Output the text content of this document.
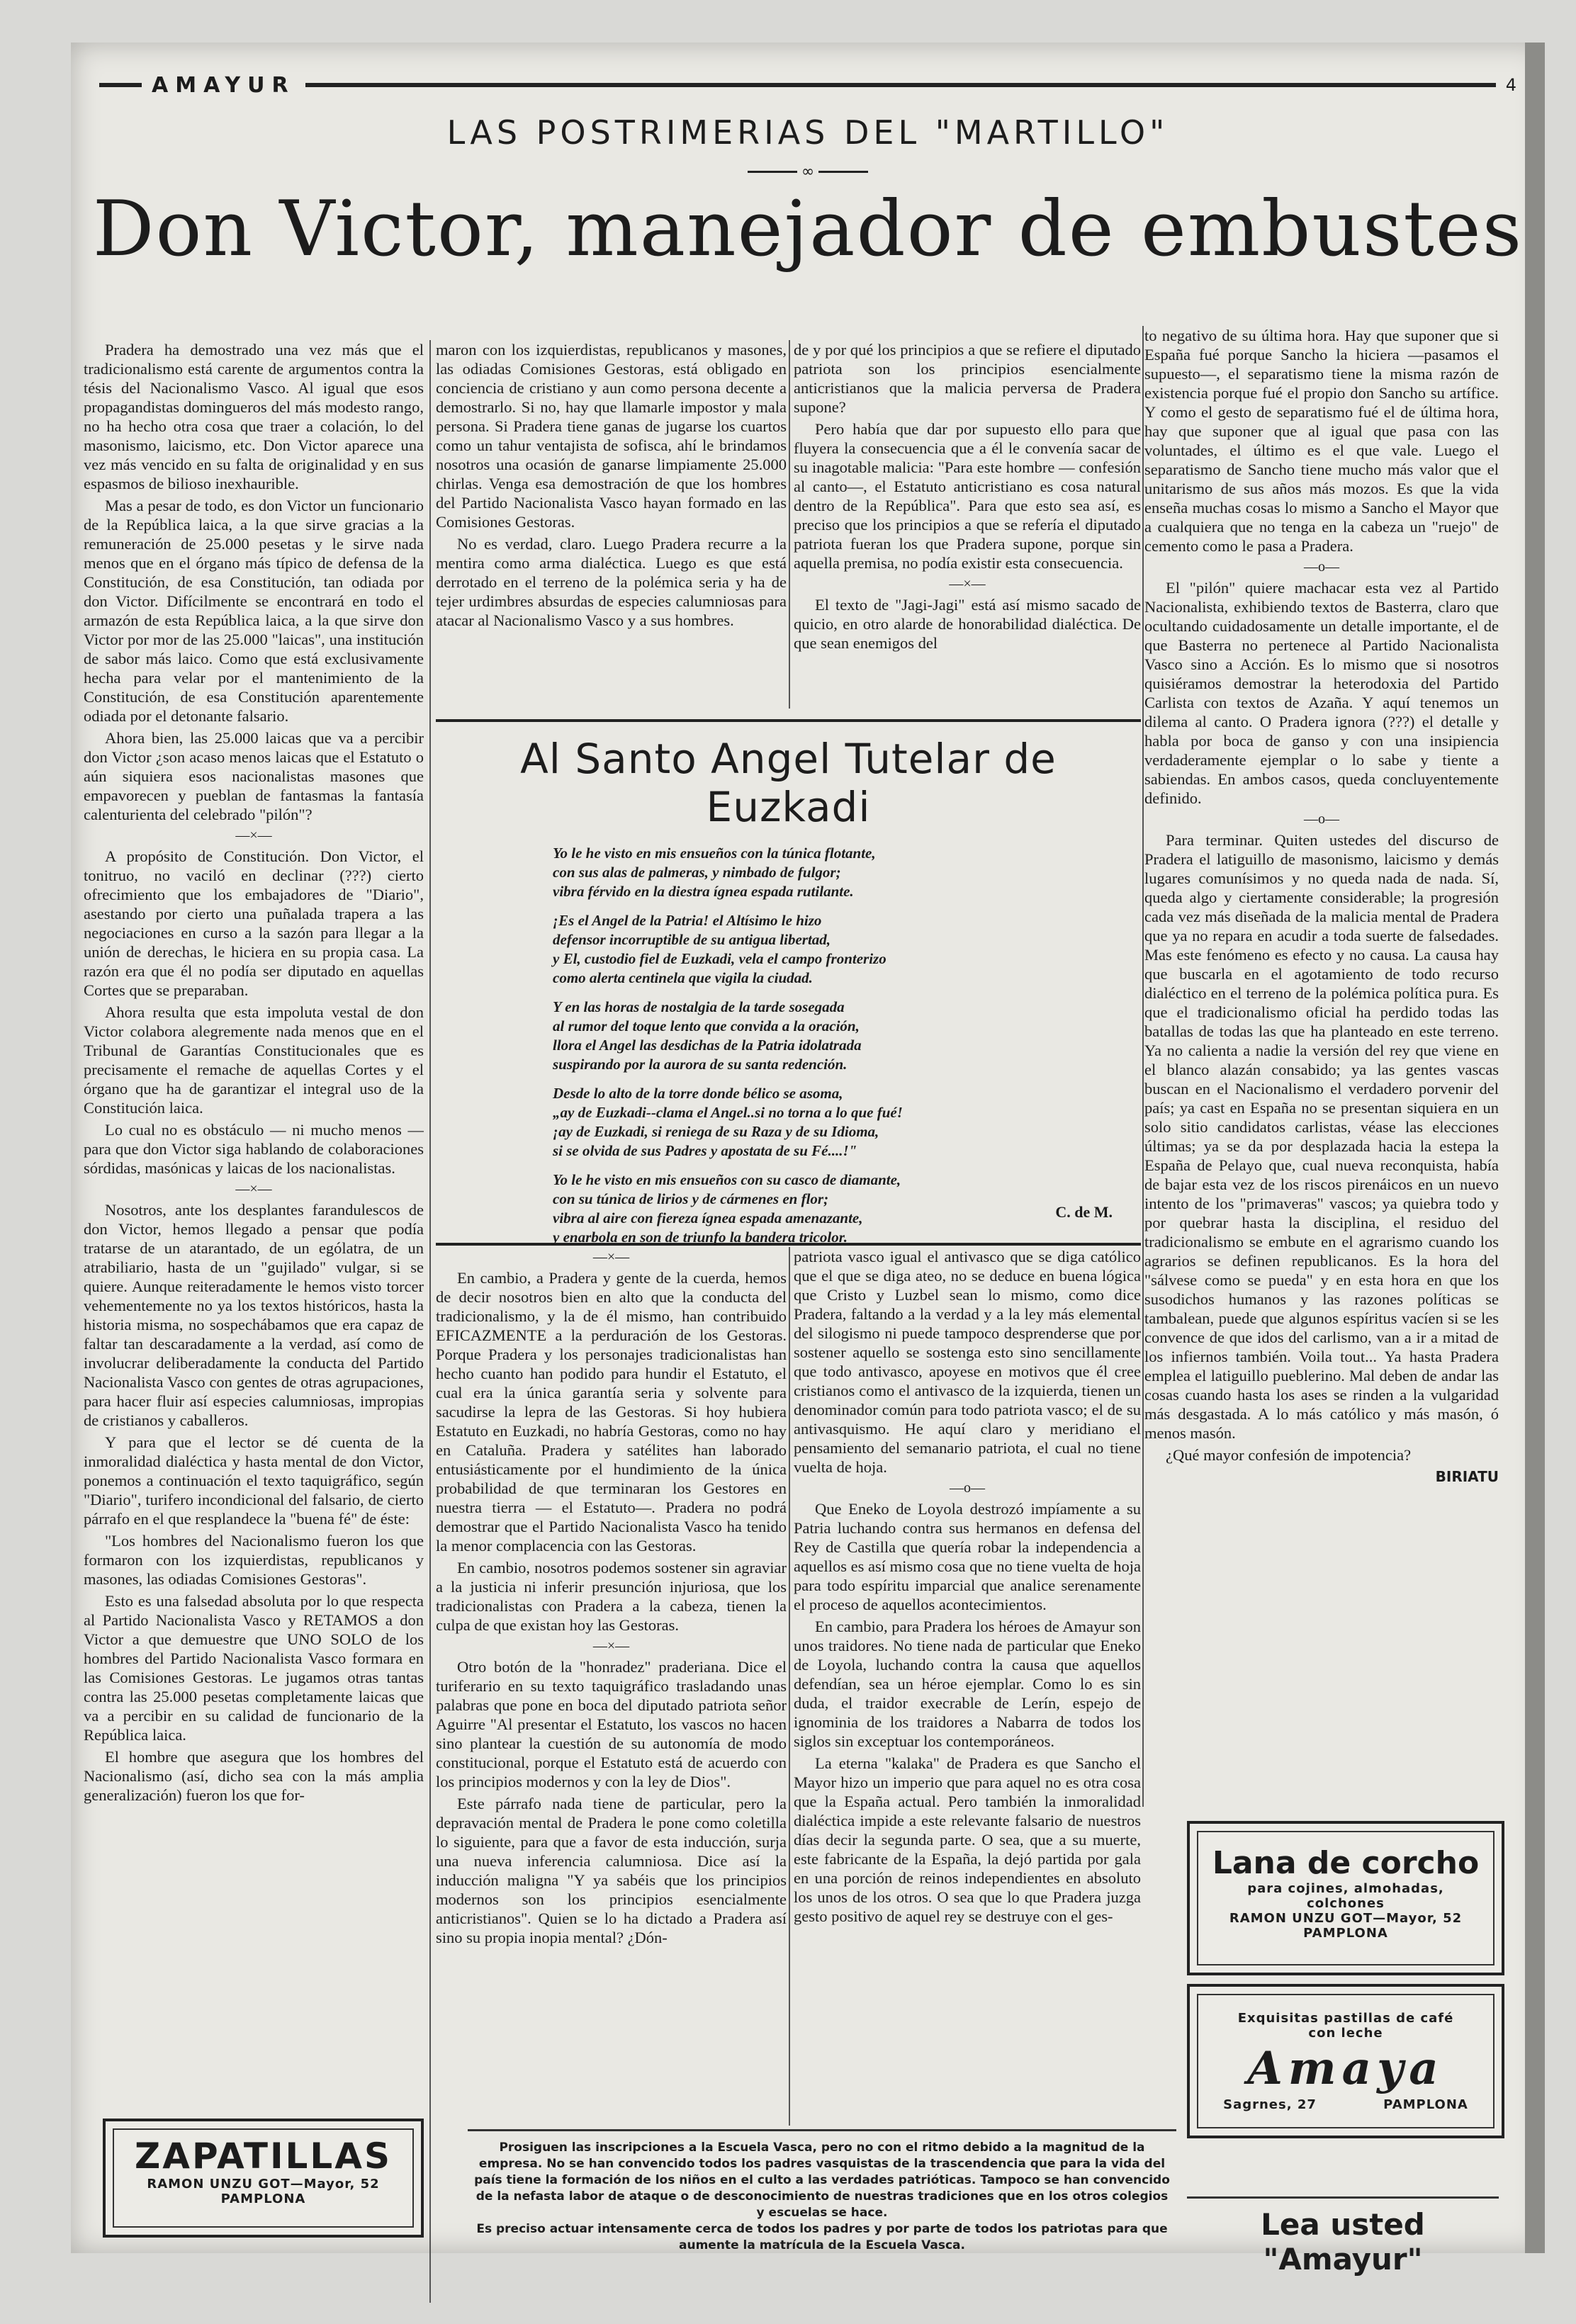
AMAYUR	4
LAS POSTRIMERIAS DEL "MARTILLO"
∞
Don Victor, manejador de embustes

Pradera ha demostrado una vez más que el tradicionalismo está carente de argumentos contra la tésis del Nacionalismo Vasco. Al igual que esos propagandistas domingueros del más modesto rango, no ha hecho otra cosa que traer a colación, lo del masonismo, laicismo, etc. Don Victor aparece una vez más vencido en su falta de originalidad y en sus espasmos de bilioso inexhaurible.

Mas a pesar de todo, es don Victor un funcionario de la República laica, a la que sirve gracias a la remuneración de 25.000 pesetas y le sirve nada menos que en el órgano más típico de defensa de la Constitución, de esa Constitución, tan odiada por don Victor. Difícilmente se encontrará en todo el armazón de esta República laica, a la que sirve don Victor por mor de las 25.000 "laicas", una institución de sabor más laico. Como que está exclusivamente hecha para velar por el mantenimiento de la Constitución, de esa Constitución aparentemente odiada por el detonante falsario.

Ahora bien, las 25.000 laicas que va a percibir don Victor ¿son acaso menos laicas que el Estatuto o aún siquiera esos nacionalistas masones que empavorecen y pueblan de fantasmas la fantasía calenturienta del celebrado "pilón"?

—×—

A propósito de Constitución. Don Victor, el tonitruo, no vaciló en declinar (???) cierto ofrecimiento que los embajadores de "Diario", asestando por cierto una puñalada trapera a las negociaciones en curso a la sazón para llegar a la unión de derechas, le hiciera en su propia casa. La razón era que él no podía ser diputado en aquellas Cortes que se preparaban.

Ahora resulta que esta impoluta vestal de don Victor colabora alegremente nada menos que en el Tribunal de Garantías Constitucionales que es precisamente el remache de aquellas Cortes y el órgano que ha de garantizar el integral uso de la Constitución laica.

Lo cual no es obstáculo — ni mucho menos — para que don Victor siga hablando de colaboraciones sórdidas, masónicas y laicas de los nacionalistas.

—×—

Nosotros, ante los desplantes farandulescos de don Victor, hemos llegado a pensar que podía tratarse de un atarantado, de un ególatra, de un atrabiliario, hasta de un "gujilado" vulgar, si se quiere. Aunque reiteradamente le hemos visto torcer vehementemente no ya los textos históricos, hasta la historia misma, no sospechábamos que era capaz de faltar tan descaradamente a la verdad, así como de involucrar deliberadamente la conducta del Partido Nacionalista Vasco con gentes de otras agrupaciones, para hacer fluir así especies calumniosas, impropias de cristianos y caballeros.

Y para que el lector se dé cuenta de la inmoralidad dialéctica y hasta mental de don Victor, ponemos a continuación el texto taquigráfico, según "Diario", turifero incondicional del falsario, de cierto párrafo en el que resplandece la "buena fé" de éste:

"Los hombres del Nacionalismo fueron los que formaron con los izquierdistas, republicanos y masones, las odiadas Comisiones Gestoras".

Esto es una falsedad absoluta por lo que respecta al Partido Nacionalista Vasco y RETAMOS a don Victor a que demuestre que UNO SOLO de los hombres del Partido Nacionalista Vasco formara en las Comisiones Gestoras. Le jugamos otras tantas contra las 25.000 pesetas completamente laicas que va a percibir en su calidad de funcionario de la República laica.

El hombre que asegura que los hombres del Nacionalismo (así, dicho sea con la más amplia generalización) fueron los que for-

maron con los izquierdistas, republicanos y masones, las odiadas Comisiones Gestoras, está obligado en conciencia de cristiano y aun como persona decente a demostrarlo. Si no, hay que llamarle impostor y mala persona. Si Pradera tiene ganas de jugarse los cuartos como un tahur ventajista de sofisca, ahí le brindamos nosotros una ocasión de ganarse limpiamente 25.000 chirlas. Venga esa demostración de que los hombres del Partido Nacionalista Vasco hayan formado en las Comisiones Gestoras.

No es verdad, claro. Luego Pradera recurre a la mentira como arma dialéctica. Luego es que está derrotado en el terreno de la polémica seria y ha de tejer urdimbres absurdas de especies calumniosas para atacar al Nacionalismo Vasco y a sus hombres.

de y por qué los principios a que se refiere el diputado patriota son los principios esencialmente anticristianos que la malicia perversa de Pradera supone?

Pero había que dar por supuesto ello para que fluyera la consecuencia que a él le convenía sacar de su inagotable malicia: "Para este hombre — confesión al canto—, el Estatuto anticristiano es cosa natural dentro de la República". Para que esto sea así, es preciso que los principios a que se refería el diputado patriota fueran los que Pradera supone, porque sin aquella premisa, no podía existir esta consecuencia.

—×—

El texto de "Jagi-Jagi" está así mismo sacado de quicio, en otro alarde de honorabilidad dialéctica. De que sean enemigos del

Al Santo Angel Tutelar de Euzkadi
Yo le he visto en mis ensueños con la túnica flotante,
con sus alas de palmeras, y nimbado de fulgor;
vibra férvido en la diestra ígnea espada rutilante.
¡Es el Angel de la Patria! el Altísimo le hizo
defensor incorruptible de su antigua libertad,
y El, custodio fiel de Euzkadi, vela el campo fronterizo
como alerta centinela que vigila la ciudad.
Y en las horas de nostalgia de la tarde sosegada
al rumor del toque lento que convida a la oración,
llora el Angel las desdichas de la Patria idolatrada
suspirando por la aurora de su santa redención.
Desde lo alto de la torre donde bélico se asoma,
„ay de Euzkadi--clama el Angel..si no torna a lo que fué!
¡ay de Euzkadi, si reniega de su Raza y de su Idioma,
si se olvida de sus Padres y apostata de su Fé....!"
Yo le he visto en mis ensueños con su casco de diamante,
con su túnica de lirios y de cármenes en flor;
vibra al aire con fiereza ígnea espada amenazante,
y enarbola en son de triunfo la bandera tricolor.
C. de M.
—×—

En cambio, a Pradera y gente de la cuerda, hemos de decir nosotros bien en alto que la conducta del tradicionalismo, y la de él mismo, han contribuido EFICAZMENTE a la perduración de los Gestoras. Porque Pradera y los personajes tradicionalistas han hecho cuanto han podido para hundir el Estatuto, el cual era la única garantía seria y solvente para sacudirse la lepra de las Gestoras. Si hoy hubiera Estatuto en Euzkadi, no habría Gestoras, como no hay en Cataluña. Pradera y satélites han laborado entusiásticamente por el hundimiento de la única probabilidad de que terminaran los Gestores en nuestra tierra — el Estatuto—. Pradera no podrá demostrar que el Partido Nacionalista Vasco ha tenido la menor complacencia con las Gestoras.

En cambio, nosotros podemos sostener sin agraviar a la justicia ni inferir presunción injuriosa, que los tradicionalistas con Pradera a la cabeza, tienen la culpa de que existan hoy las Gestoras.

—×—

Otro botón de la "honradez" praderiana. Dice el turiferario en su texto taquigráfico trasladando unas palabras que pone en boca del diputado patriota señor Aguirre "Al presentar el Estatuto, los vascos no hacen sino plantear la cuestión de su autonomía de modo constitucional, porque el Estatuto está de acuerdo con los principios modernos y con la ley de Dios".

Este párrafo nada tiene de particular, pero la depravación mental de Pradera le pone como coletilla lo siguiente, para que a favor de esta inducción, surja una nueva inferencia calumniosa. Dice así la inducción maligna "Y ya sabéis que los principios modernos son los principios esencialmente anticristianos". Quien se lo ha dictado a Pradera así sino su propia inopia mental? ¿Dón-

patriota vasco igual el antivasco que se diga católico que el que se diga ateo, no se deduce en buena lógica que Cristo y Luzbel sean lo mismo, como dice Pradera, faltando a la verdad y a la ley más elemental del silogismo ni puede tampoco desprenderse que por sostener aquello se sostenga esto sino sencillamente que todo antivasco, apoyese en motivos que él cree cristianos como el antivasco de la izquierda, tienen un denominador común para todo patriota vasco; el de su antivasquismo. He aquí claro y meridiano el pensamiento del semanario patriota, el cual no tiene vuelta de hoja.

—o—

Que Eneko de Loyola destrozó impíamente a su Patria luchando contra sus hermanos en defensa del Rey de Castilla que quería robar la independencia a aquellos es así mismo cosa que no tiene vuelta de hoja para todo espíritu imparcial que analice serenamente el proceso de aquellos acontecimientos.

En cambio, para Pradera los héroes de Amayur son unos traidores. No tiene nada de particular que Eneko de Loyola, luchando contra la causa que aquellos defendían, sea un héroe ejemplar. Como lo es sin duda, el traidor execrable de Lerín, espejo de ignominia de los traidores a Nabarra de todos los siglos sin exceptuar los contemporáneos.

La eterna "kalaka" de Pradera es que Sancho el Mayor hizo un imperio que para aquel no es otra cosa que la España actual. Pero también la inmoralidad dialéctica impide a este relevante falsario de nuestros días decir la segunda parte. O sea, que a su muerte, este fabricante de la España, la dejó partida por gala en una porción de reinos independientes en absoluto los unos de los otros. O sea que lo que Pradera juzga gesto positivo de aquel rey se destruye con el ges-

to negativo de su última hora. Hay que suponer que si España fué porque Sancho la hiciera —pasamos el supuesto—, el separatismo tiene la misma razón de existencia porque fué el propio don Sancho su artífice. Y como el gesto de separatismo fué el de última hora, hay que suponer que al igual que pasa con las voluntades, el último es el que vale. Luego el separatismo de Sancho tiene mucho más valor que el unitarismo de sus años más mozos. Es que la vida enseña muchas cosas lo mismo a Sancho el Mayor que a cualquiera que no tenga en la cabeza un "ruejo" de cemento como le pasa a Pradera.

—o—

El "pilón" quiere machacar esta vez al Partido Nacionalista, exhibiendo textos de Basterra, claro que ocultando cuidadosamente un detalle importante, el de que Basterra no pertenece al Partido Nacionalista Vasco sino a Acción. Es lo mismo que si nosotros quisiéramos demostrar la heterodoxia del Partido Carlista con textos de Azaña. Y aquí tenemos un dilema al canto. O Pradera ignora (???) el detalle y habla por boca de ganso y con una insipiencia verdaderamente ejemplar o lo sabe y tiente a sabiendas. En ambos casos, queda concluyentemente definido.

—o—

Para terminar. Quiten ustedes del discurso de Pradera el latiguillo de masonismo, laicismo y demás lugares comunísimos y no queda nada de nada. Sí, queda algo y ciertamente considerable; la progresión cada vez más diseñada de la malicia mental de Pradera que ya no repara en acudir a toda suerte de falsedades. Mas este fenómeno es efecto y no causa. La causa hay que buscarla en el agotamiento de todo recurso dialéctico en el terreno de la polémica política pura. Es que el tradicionalismo oficial ha perdido todas las batallas de todas las que ha planteado en este terreno. Ya no calienta a nadie la versión del rey que viene en el blanco alazán consabido; ya las gentes vascas buscan en el Nacionalismo el verdadero porvenir del país; ya cast en España no se presentan siquiera en un solo sitio candidatos carlistas, véase las elecciones últimas; ya se da por desplazada hacia la estepa la España de Pelayo que, cual nueva reconquista, había de bajar esta vez de los riscos pirenáicos en un nuevo intento de los "primaveras" vascos; ya quiebra todo y por quebrar hasta la disciplina, el residuo del tradicionalismo se embute en el agrarismo cuando los agrarios se definen republicanos. Es la hora del "sálvese como se pueda" y en esta hora en que los susodichos humanos y las razones políticas se tambalean, puede que algunos espíritus vacíen si se les convence de que idos del carlismo, van a ir a mitad de los infiernos también. Voila tout... Ya hasta Pradera emplea el latiguillo pueblerino. Mal deben de andar las cosas cuando hasta los ases se rinden a la vulgaridad más desgastada. A lo más católico y más masón, ó menos masón.

¿Qué mayor confesión de impotencia?

BIRIATU
Lana de corcho
para cojines, almohadas,
colchones
RAMON UNZU GOT—Mayor, 52
PAMPLONA
Exquisitas pastillas de café
con leche
Amaya
Sagrnes, 27	PAMPLONA
ZAPATILLAS
RAMON UNZU GOT—Mayor, 52
PAMPLONA
Prosiguen las inscripciones a la Escuela Vasca, pero no con el ritmo debido a la magnitud de la empresa. No se han convencido todos los padres vasquistas de la trascendencia que para la vida del país tiene la formación de los niños en el culto a las verdades patrióticas. Tampoco se han convencido de la nefasta labor de ataque o de desconocimiento de nuestras tradiciones que en los otros colegios y escuelas se hace.
Es preciso actuar intensamente cerca de todos los padres y por parte de todos los patriotas para que aumente la matrícula de la Escuela Vasca.
Lea usted "Amayur"
